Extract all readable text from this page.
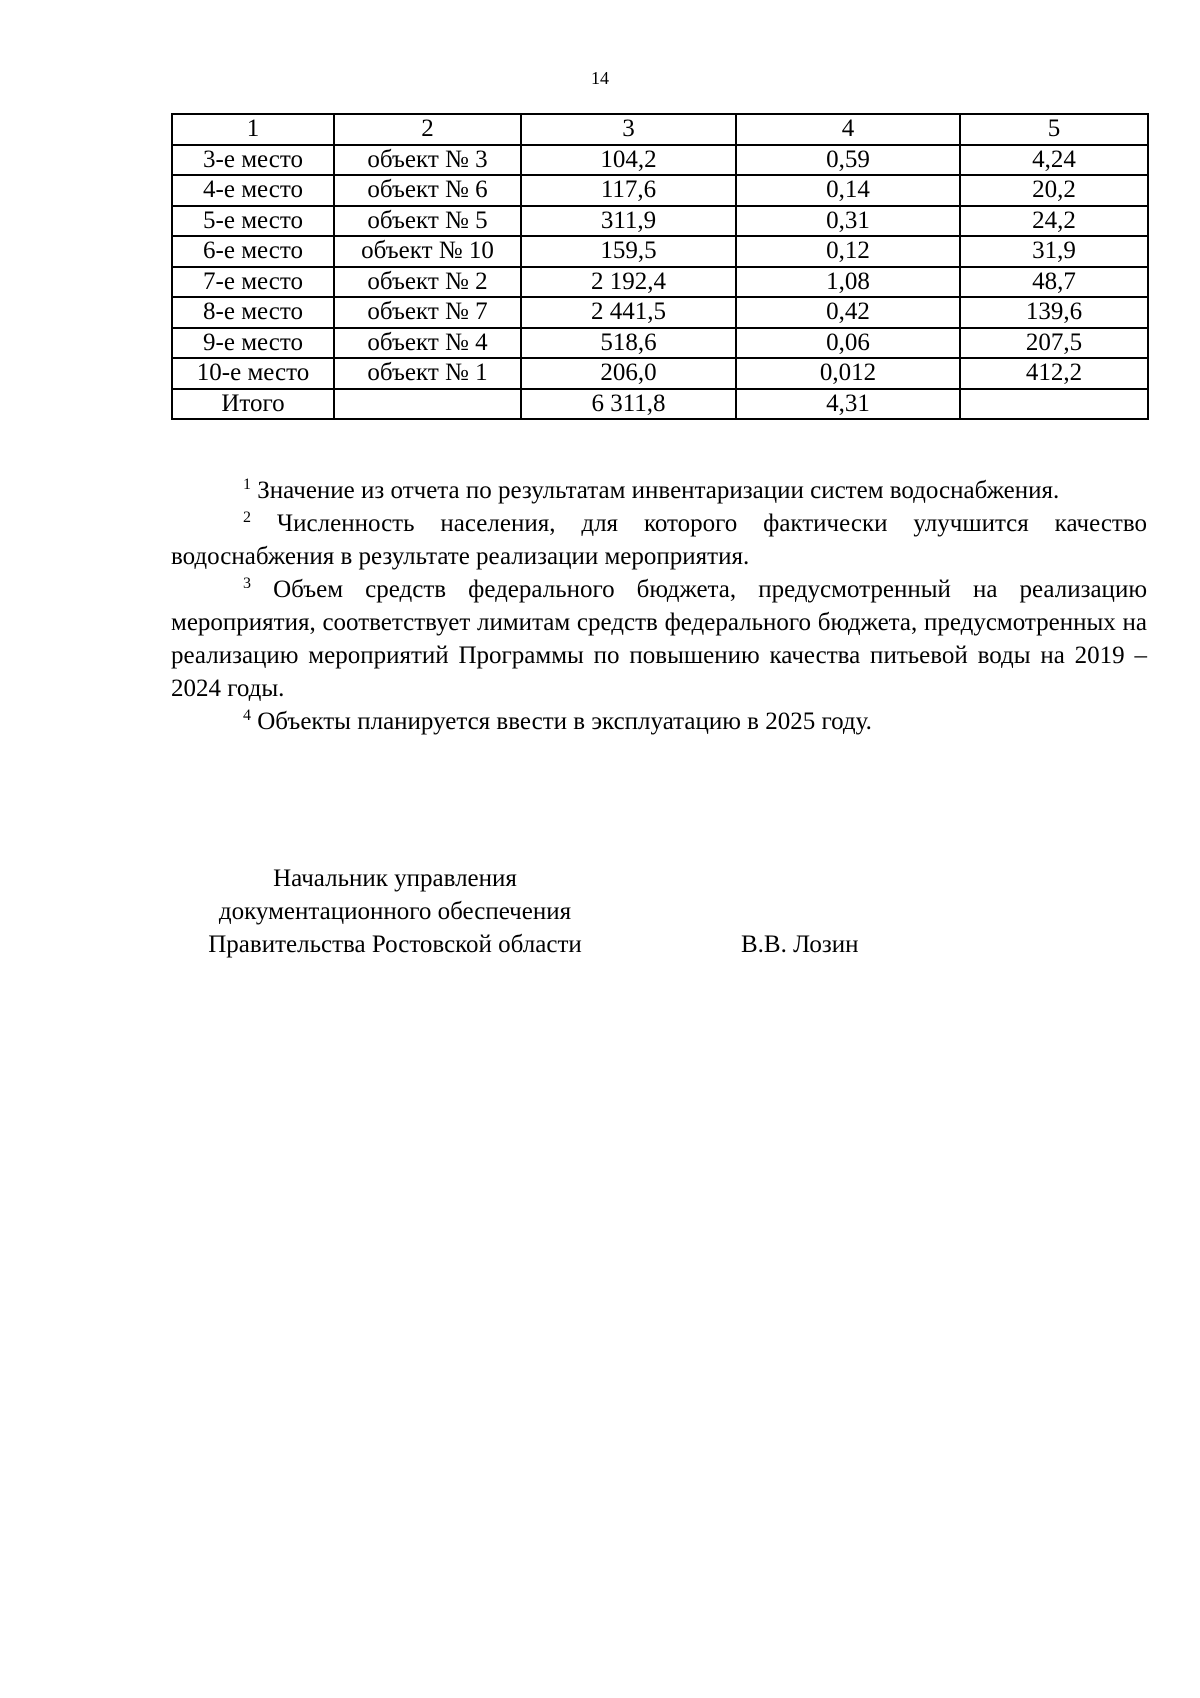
14
1	2	3	4	5
3-е место	объект № 3	104,2	0,59	4,24
4-е место	объект № 6	117,6	0,14	20,2
5-е место	объект № 5	311,9	0,31	24,2
6-е место	объект № 10	159,5	0,12	31,9
7-е место	объект № 2	2 192,4	1,08	48,7
8-е место	объект № 7	2 441,5	0,42	139,6
9-е место	объект № 4	518,6	0,06	207,5
10-е место	объект № 1	206,0	0,012	412,2
Итого		6 311,8	4,31	

$^1$ Значение из отчета по результатам инвентаризации систем водоснабжения.

$^2$ Численность населения, для которого фактически улучшится качество водоснабжения в результате реализации мероприятия.

$^3$ Объем средств федерального бюджета, предусмотренный на реализацию мероприятия, соответствует лимитам средств федерального бюджета, предусмотренных на реализацию мероприятий Программы по повышению качества питьевой воды на 2019 – 2024 годы.

$^4$ Объекты планируется ввести в эксплуатацию в 2025 году.

Начальник управления
документационного обеспечения
Правительства Ростовской области	В.В. Лозин
